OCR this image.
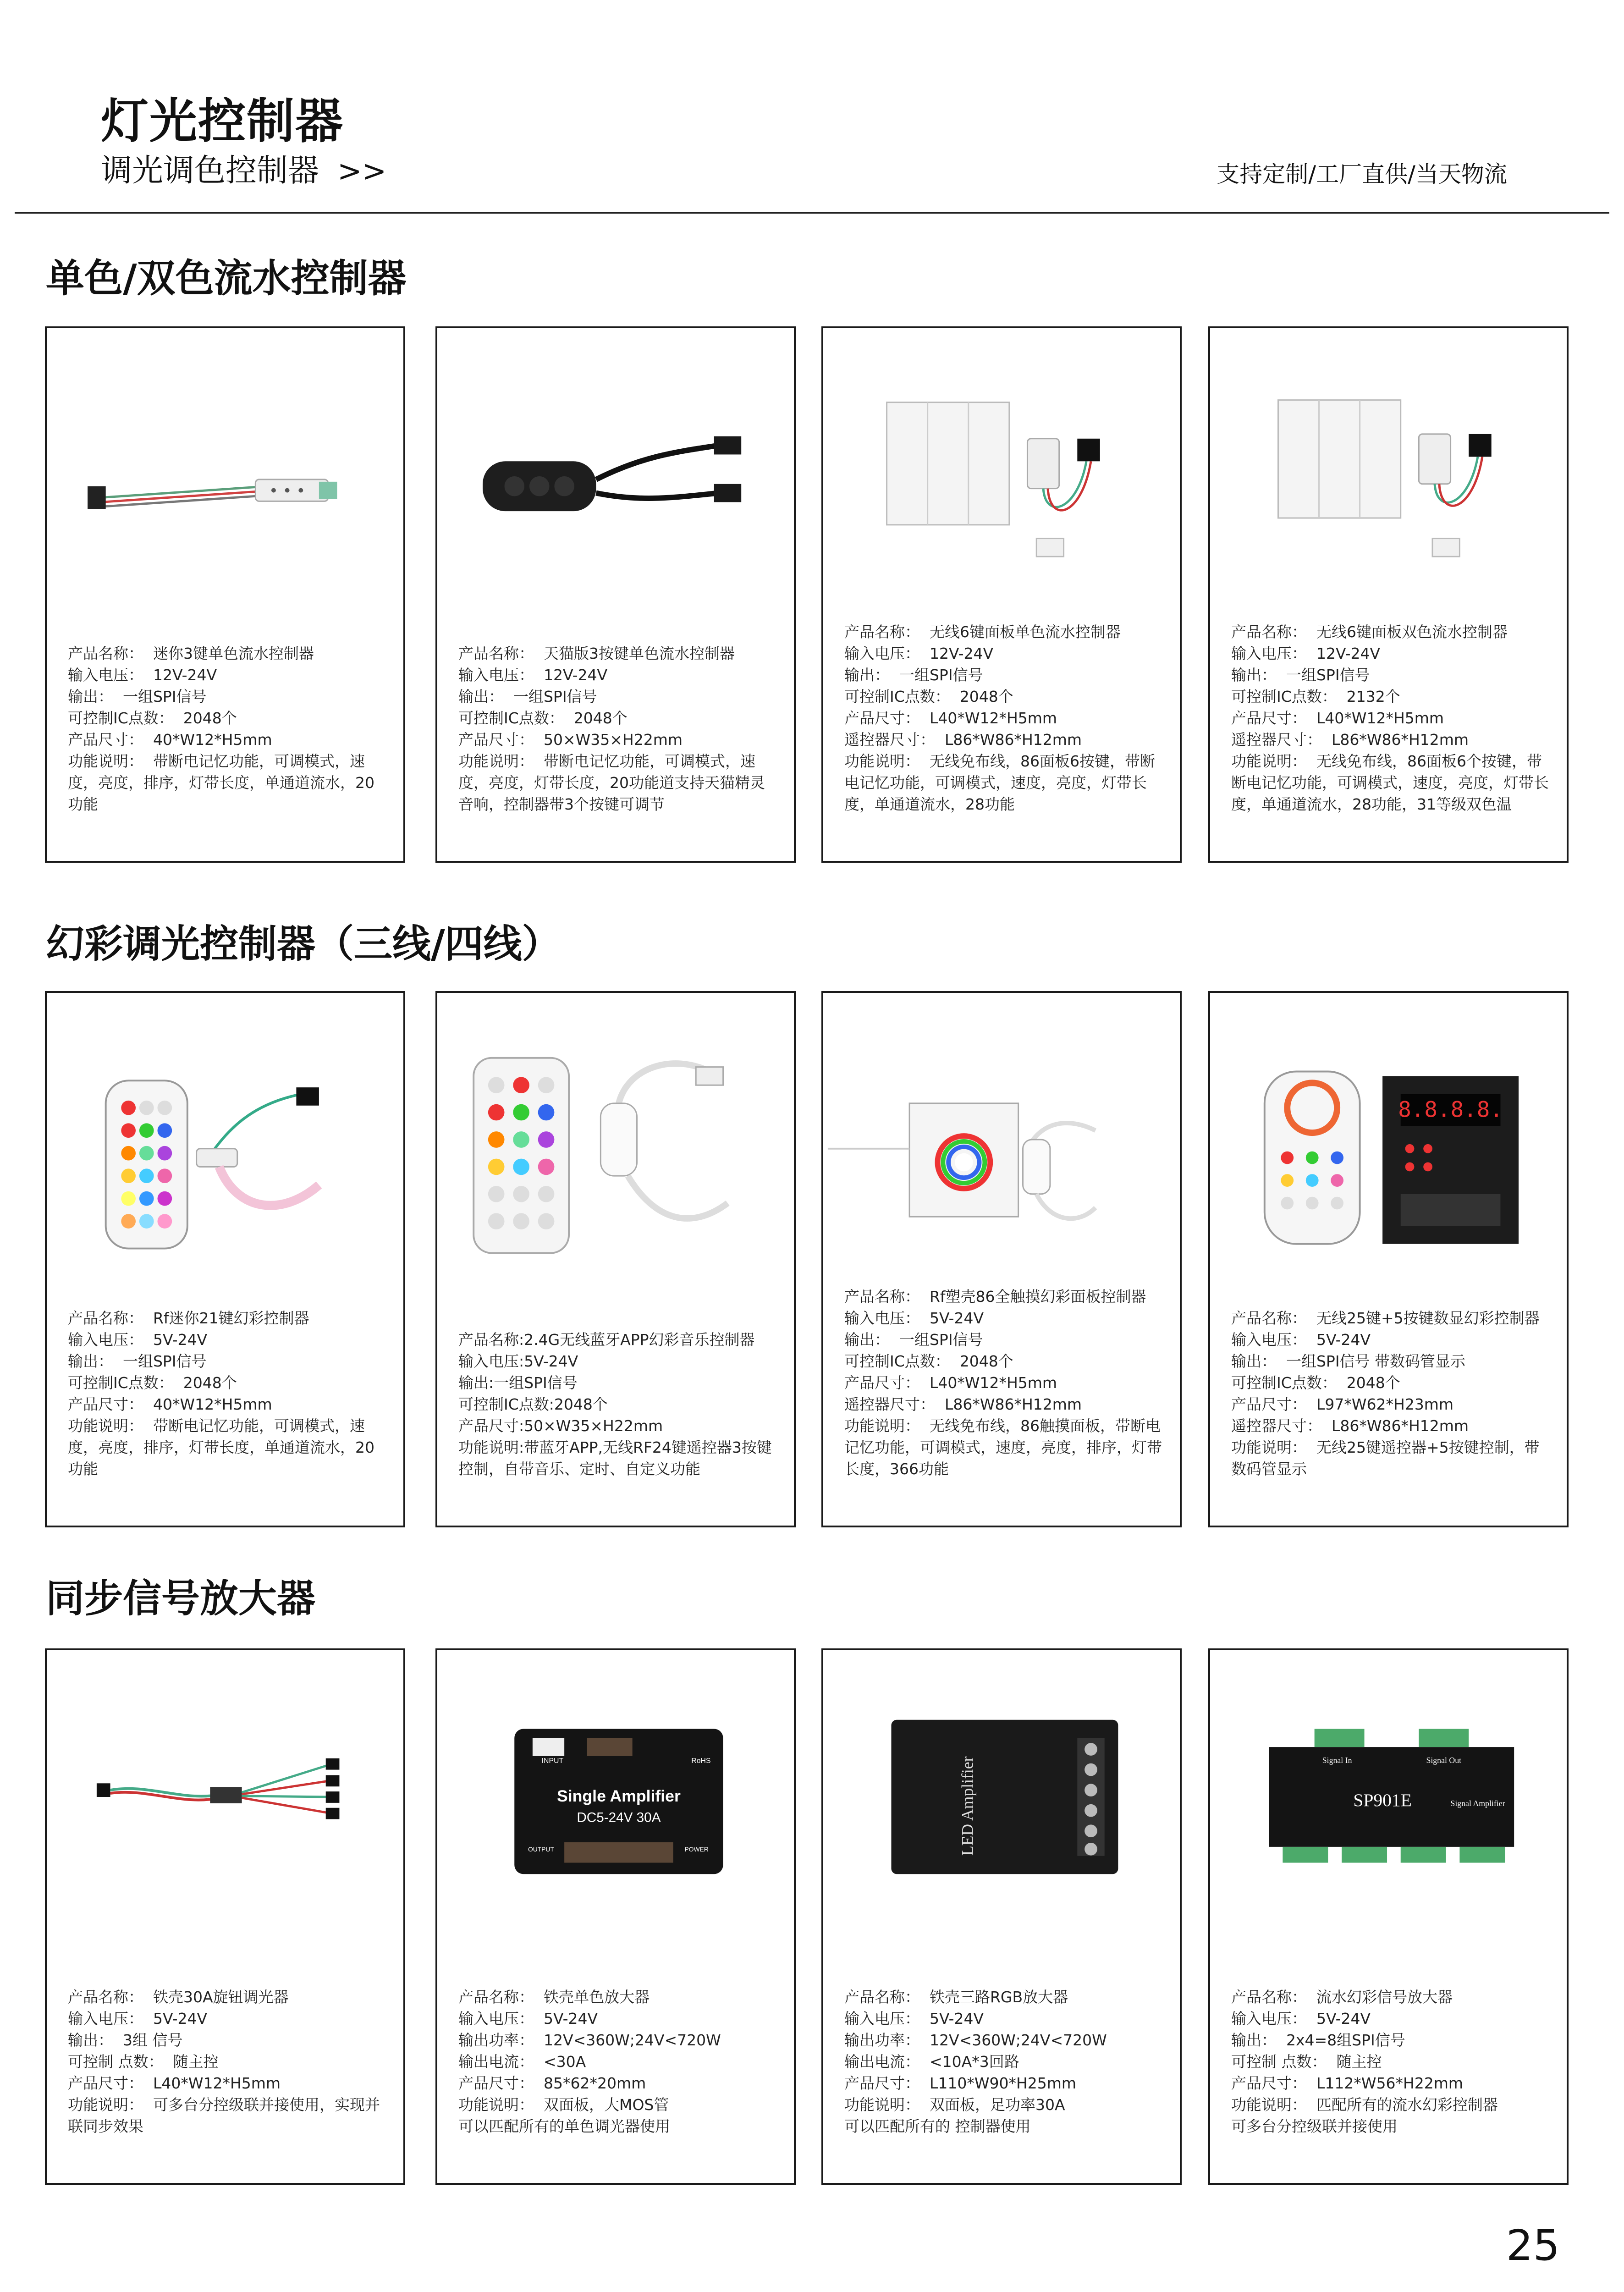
灯光控制器
调光调色控制器 >>	支持定制/工厂直供/当天物流
单色/双色流水控制器
产品名称：  迷你3键单色流水控制器
输入电压：  12V-24V
输出：  一组SPI信号
可控制IC点数：  2048个
产品尺寸：  40*W12*H5mm
功能说明：  带断电记忆功能，可调模式，速度，亮度，排序，灯带长度，单通道流水，20功能
产品名称：  天猫版3按键单色流水控制器
输入电压：  12V-24V
输出：  一组SPI信号
可控制IC点数：  2048个
产品尺寸：  50×W35×H22mm
功能说明：  带断电记忆功能，可调模式，速度，亮度，灯带长度，20功能道支持天猫精灵音响，控制器带3个按键可调节
产品名称：  无线6键面板单色流水控制器
输入电压：  12V-24V
输出：  一组SPI信号
可控制IC点数：  2048个
产品尺寸：  L40*W12*H5mm
遥控器尺寸：  L86*W86*H12mm
功能说明：  无线免布线，86面板6按键，带断电记忆功能，可调模式，速度，亮度，灯带长度，单通道流水，28功能
产品名称：  无线6键面板双色流水控制器
输入电压：  12V-24V
输出：  一组SPI信号
可控制IC点数：  2132个
产品尺寸：  L40*W12*H5mm
遥控器尺寸：  L86*W86*H12mm
功能说明：  无线免布线，86面板6个按键，带断电记忆功能，可调模式，速度，亮度，灯带长度，单通道流水，28功能，31等级双色温
幻彩调光控制器（三线/四线）
产品名称：  Rf迷你21键幻彩控制器
输入电压：  5V-24V
输出：  一组SPI信号
可控制IC点数：  2048个
产品尺寸：  40*W12*H5mm
功能说明：  带断电记忆功能，可调模式，速度，亮度，排序，灯带长度，单通道流水，20功能
产品名称:2.4G无线蓝牙APP幻彩音乐控制器
输入电压:5V-24V
输出:一组SPI信号
可控制IC点数:2048个
产品尺寸:50×W35×H22mm
功能说明:带蓝牙APP,无线RF24键遥控器3按键控制，自带音乐、定时、自定义功能
产品名称：  Rf塑壳86全触摸幻彩面板控制器
输入电压：  5V-24V
输出：  一组SPI信号
可控制IC点数：  2048个
产品尺寸：  L40*W12*H5mm
遥控器尺寸：  L86*W86*H12mm
功能说明：  无线免布线，86触摸面板，带断电记忆功能，可调模式，速度，亮度，排序，灯带长度，366功能
8.8.8.8.
产品名称：  无线25键+5按键数显幻彩控制器
输入电压：  5V-24V
输出：  一组SPI信号 带数码管显示
可控制IC点数：  2048个
产品尺寸：  L97*W62*H23mm
遥控器尺寸：  L86*W86*H12mm
功能说明：  无线25键遥控器+5按键控制，带数码管显示
同步信号放大器
产品名称：  铁壳30A旋钮调光器
输入电压：  5V-24V
输出：  3组 信号
可控制 点数：  随主控
产品尺寸：  L40*W12*H5mm
功能说明：  可多台分控级联并接使用，实现并联同步效果
INPUT	RoHS
Single Amplifier
DC5-24V 30A
OUTPUT	POWER
产品名称：  铁壳单色放大器
输入电压：  5V-24V
输出功率：  12V<360W;24V<720W
输出电流：  <30A
产品尺寸：  85*62*20mm
功能说明：  双面板，大MOS管
可以匹配所有的单色调光器使用
LED Amplifier
产品名称：  铁壳三路RGB放大器
输入电压：  5V-24V
输出功率：  12V<360W;24V<720W
输出电流：  <10A*3回路
产品尺寸：  L110*W90*H25mm
功能说明：  双面板，足功率30A
可以匹配所有的 控制器使用
Signal In	Signal Out
SP901E	Signal Amplifier
产品名称：  流水幻彩信号放大器
输入电压：  5V-24V
输出：  2x4=8组SPI信号
可控制 点数：  随主控
产品尺寸：  L112*W56*H22mm
功能说明：  匹配所有的流水幻彩控制器
可多台分控级联并接使用
25
